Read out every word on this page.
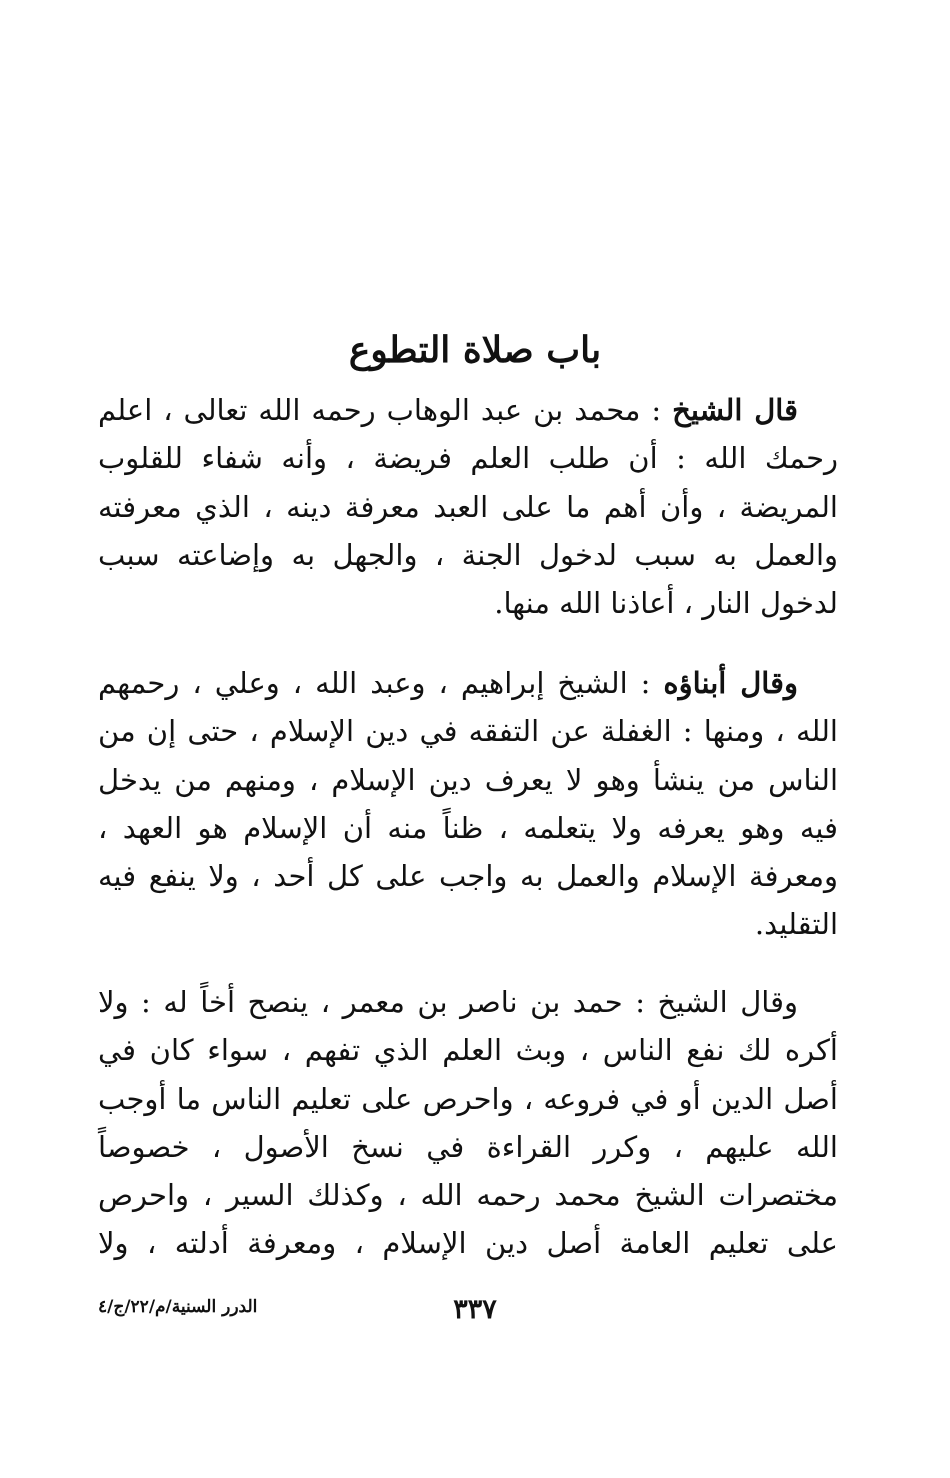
باب صلاة التطوع

قال الشيخ : محمد بن عبد الوهاب رحمه الله تعالى ، اعلم رحمك الله : أن طلب العلم فريضة ، وأنه شفاء للقلوب المريضة ، وأن أهم ما على العبد معرفة دينه ، الذي معرفته والعمل به سبب لدخول الجنة ، والجهل به وإضاعته سبب لدخول النار ، أعاذنا الله منها.

وقال أبناؤه : الشيخ إبراهيم ، وعبد الله ، وعلي ، رحمهم الله ، ومنها : الغفلة عن التفقه في دين الإسلام ، حتى إن من الناس من ينشأ وهو لا يعرف دين الإسلام ، ومنهم من يدخل فيه وهو يعرفه ولا يتعلمه ، ظناً منه أن الإسلام هو العهد ، ومعرفة الإسلام والعمل به واجب على كل أحد ، ولا ينفع فيه التقليد.

وقال الشيخ : حمد بن ناصر بن معمر ، ينصح أخاً له : ولا أكره لك نفع الناس ، وبث العلم الذي تفهم ، سواء كان في أصل الدين أو في فروعه ، واحرص على تعليم الناس ما أوجب الله عليهم ، وكرر القراءة في نسخ الأصول ، خصوصاً مختصرات الشيخ محمد رحمه الله ، وكذلك السير ، واحرص على تعليم العامة أصل دين الإسلام ، ومعرفة أدلته ، ولا

الدرر السنية/م/٢٢/ج/٤	٣٣٧
